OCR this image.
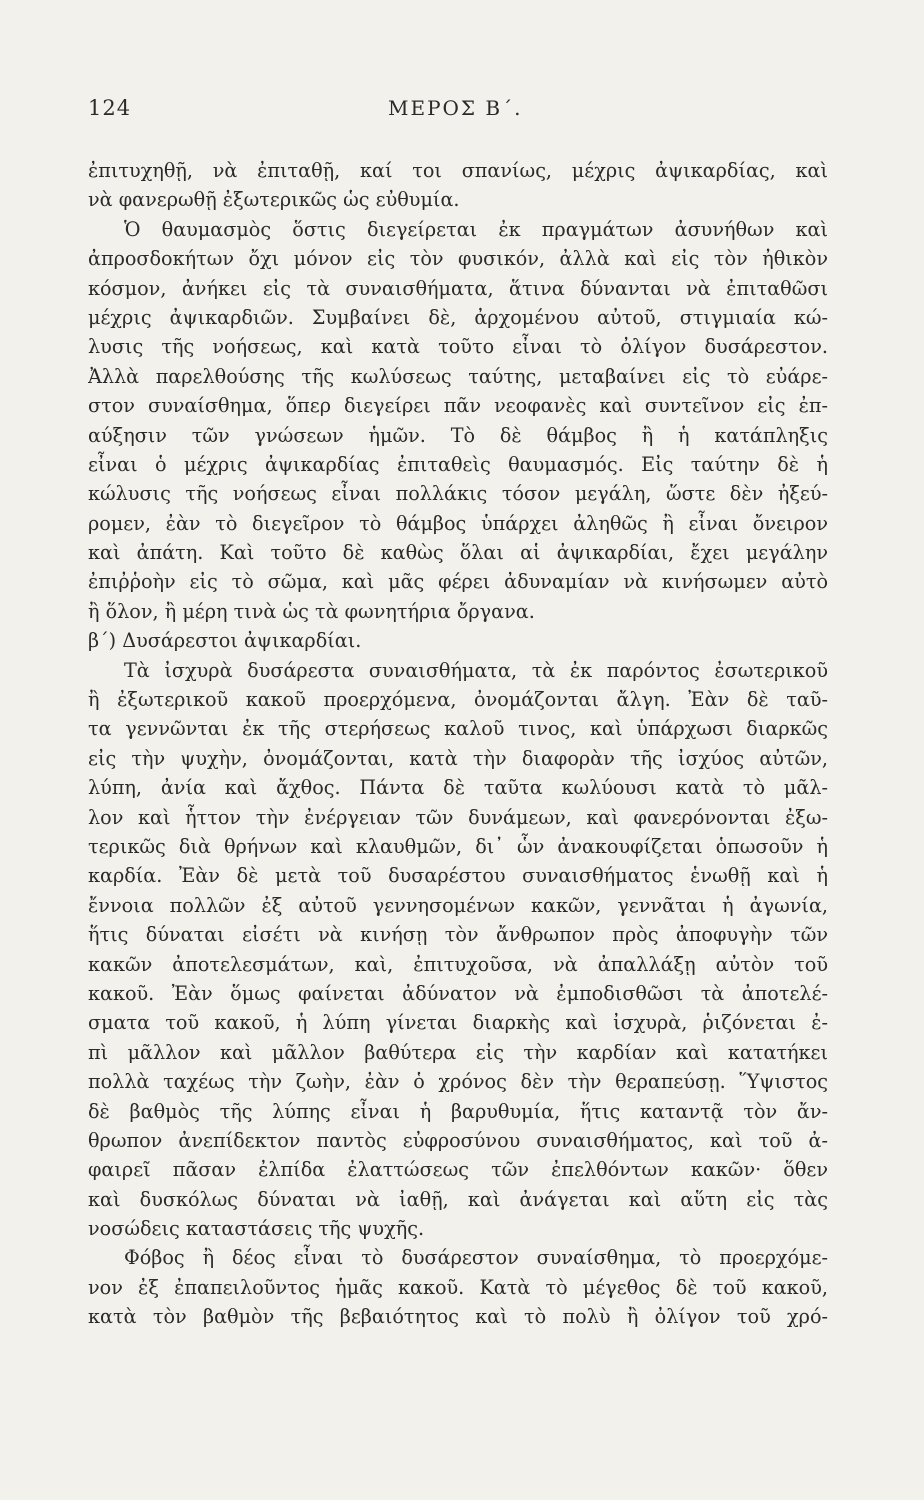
124	ΜΕΡΟΣ Β΄.
ἐπιτυχηθῇ, νὰ ἐπιταθῇ, καί τοι σπανίως, μέχρις ἀψικαρδίας, καὶ
νὰ φανερωθῇ ἐξωτερικῶς ὡς εὐθυμία.
Ὁ θαυμασμὸς ὅστις διεγείρεται ἐκ πραγμάτων ἀσυνήθων καὶ
ἀπροσδοκήτων ὄχι μόνον εἰς τὸν φυσικόν, ἀλλὰ καὶ εἰς τὸν ἠθικὸν
κόσμον, ἀνήκει εἰς τὰ συναισθήματα, ἅτινα δύνανται νὰ ἐπιταθῶσι
μέχρις ἀψικαρδιῶν. Συμβαίνει δὲ, ἀρχομένου αὐτοῦ, στιγμιαία κώ-
λυσις τῆς νοήσεως, καὶ κατὰ τοῦτο εἶναι τὸ ὀλίγον δυσάρεστον.
Ἀλλὰ παρελθούσης τῆς κωλύσεως ταύτης, μεταβαίνει εἰς τὸ εὐάρε-
στον συναίσθημα, ὅπερ διεγείρει πᾶν νεοφανὲς καὶ συντεῖνον εἰς ἐπ-
αύξησιν τῶν γνώσεων ἡμῶν. Τὸ δὲ θάμβος ἢ ἡ κατάπληξις
εἶναι ὁ μέχρις ἀψικαρδίας ἐπιταθεὶς θαυμασμός. Εἰς ταύτην δὲ ἡ
κώλυσις τῆς νοήσεως εἶναι πολλάκις τόσον μεγάλη, ὥστε δὲν ἠξεύ-
ρομεν, ἐὰν τὸ διεγεῖρον τὸ θάμβος ὑπάρχει ἀληθῶς ἢ εἶναι ὄνειρον
καὶ ἀπάτη. Καὶ τοῦτο δὲ καθὼς ὅλαι αἱ ἀψικαρδίαι, ἔχει μεγάλην
ἐπιῤῥοὴν εἰς τὸ σῶμα, καὶ μᾶς φέρει ἀδυναμίαν νὰ κινήσωμεν αὐτὸ
ἢ ὅλον, ἢ μέρη τινὰ ὡς τὰ φωνητήρια ὄργανα.
β΄) Δυσάρεστοι ἀψικαρδίαι.
Τὰ ἰσχυρὰ δυσάρεστα συναισθήματα, τὰ ἐκ παρόντος ἐσωτερικοῦ
ἢ ἐξωτερικοῦ κακοῦ προερχόμενα, ὀνομάζονται ἄλγη. Ἐὰν δὲ ταῦ-
τα γεννῶνται ἐκ τῆς στερήσεως καλοῦ τινος, καὶ ὑπάρχωσι διαρκῶς
εἰς τὴν ψυχὴν, ὀνομάζονται, κατὰ τὴν διαφορὰν τῆς ἰσχύος αὐτῶν,
λύπη, ἀνία καὶ ἄχθος. Πάντα δὲ ταῦτα κωλύουσι κατὰ τὸ μᾶλ-
λον καὶ ἧττον τὴν ἐνέργειαν τῶν δυνάμεων, καὶ φανερόνονται ἐξω-
τερικῶς διὰ θρήνων καὶ κλαυθμῶν, δι᾽ ὧν ἀνακουφίζεται ὁπωσοῦν ἡ
καρδία. Ἐὰν δὲ μετὰ τοῦ δυσαρέστου συναισθήματος ἑνωθῇ καὶ ἡ
ἔννοια πολλῶν ἐξ αὐτοῦ γεννησομένων κακῶν, γεννᾶται ἡ ἀγωνία,
ἥτις δύναται εἰσέτι νὰ κινήσῃ τὸν ἄνθρωπον πρὸς ἀποφυγὴν τῶν
κακῶν ἀποτελεσμάτων, καὶ, ἐπιτυχοῦσα, νὰ ἀπαλλάξῃ αὐτὸν τοῦ
κακοῦ. Ἐὰν ὅμως φαίνεται ἀδύνατον νὰ ἐμποδισθῶσι τὰ ἀποτελέ-
σματα τοῦ κακοῦ, ἡ λύπη γίνεται διαρκὴς καὶ ἰσχυρὰ, ῥιζόνεται ἐ-
πὶ μᾶλλον καὶ μᾶλλον βαθύτερα εἰς τὴν καρδίαν καὶ κατατήκει
πολλὰ ταχέως τὴν ζωὴν, ἐὰν ὁ χρόνος δὲν τὴν θεραπεύσῃ. Ὕψιστος
δὲ βαθμὸς τῆς λύπης εἶναι ἡ βαρυθυμία, ἥτις καταντᾷ τὸν ἄν-
θρωπον ἀνεπίδεκτον παντὸς εὐφροσύνου συναισθήματος, καὶ τοῦ ἀ-
φαιρεῖ πᾶσαν ἐλπίδα ἐλαττώσεως τῶν ἐπελθόντων κακῶν· ὅθεν
καὶ δυσκόλως δύναται νὰ ἰαθῇ, καὶ ἀνάγεται καὶ αὕτη εἰς τὰς
νοσώδεις καταστάσεις τῆς ψυχῆς.
Φόβος ἢ δέος εἶναι τὸ δυσάρεστον συναίσθημα, τὸ προερχόμε-
νον ἐξ ἐπαπειλοῦντος ἡμᾶς κακοῦ. Κατὰ τὸ μέγεθος δὲ τοῦ κακοῦ,
κατὰ τὸν βαθμὸν τῆς βεβαιότητος καὶ τὸ πολὺ ἢ ὀλίγον τοῦ χρό-
